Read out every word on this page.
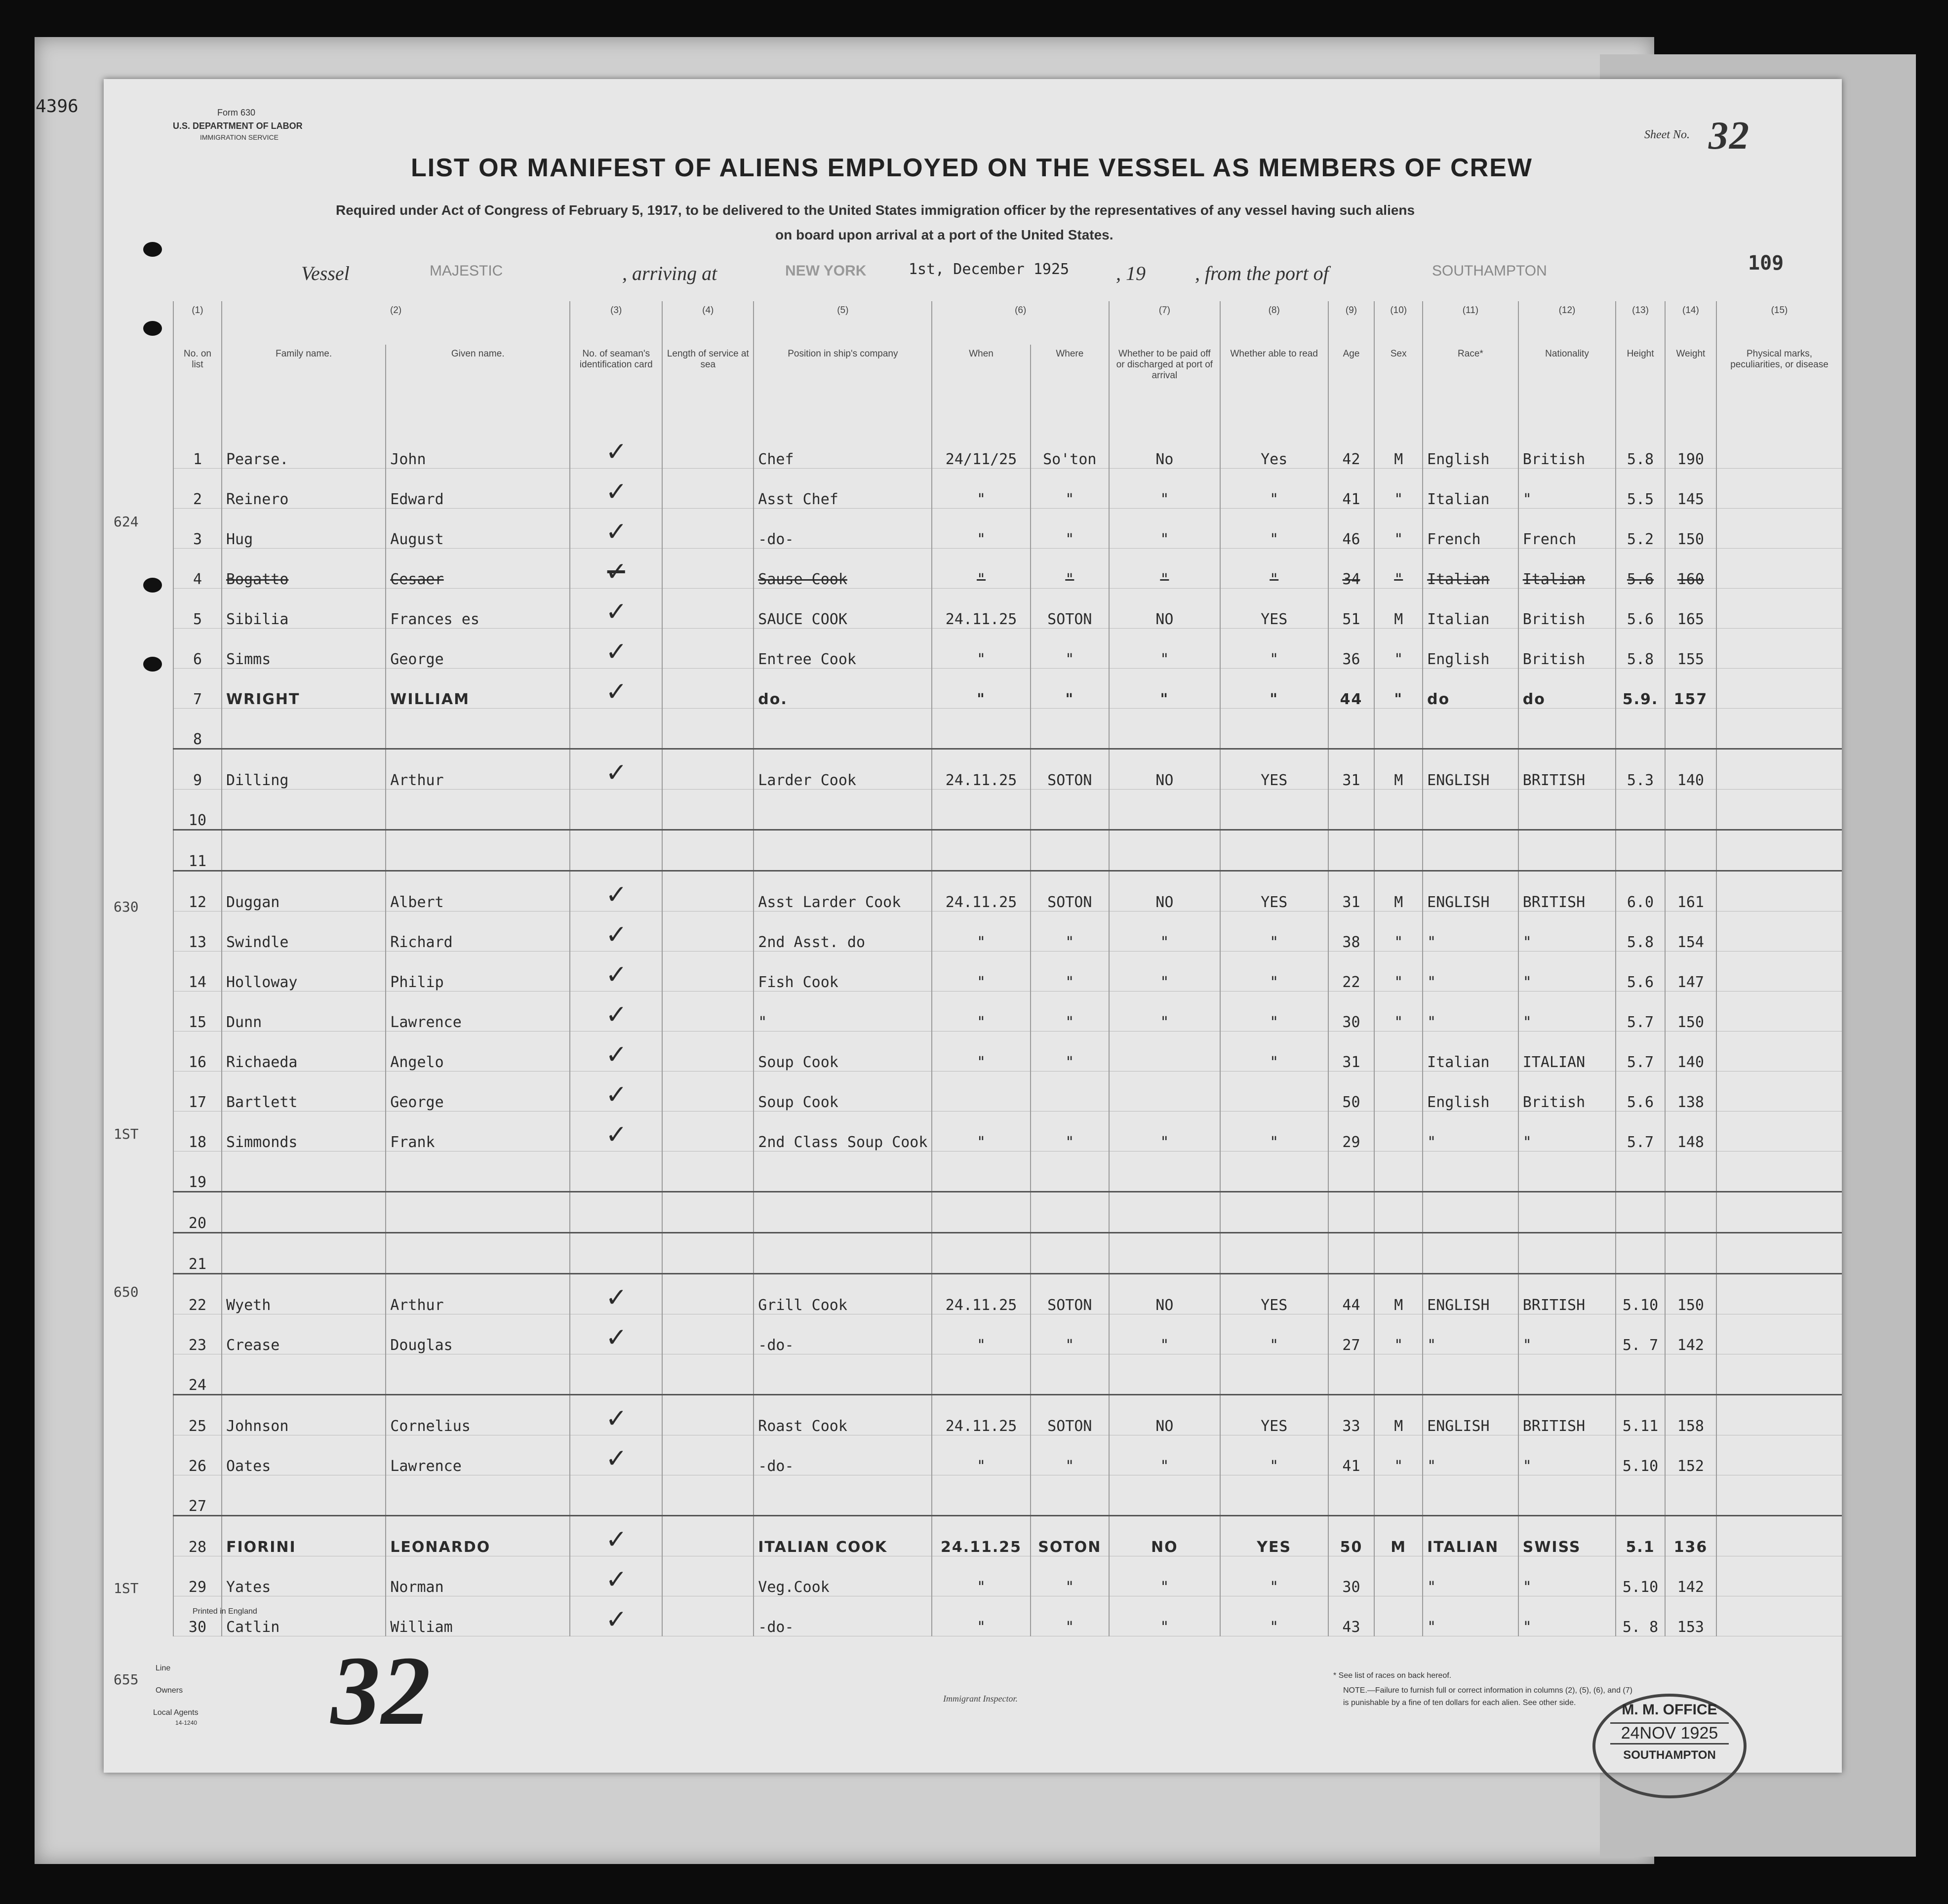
4396	Form 630
U.S. DEPARTMENT OF LABOR
IMMIGRATION SERVICE	Sheet No. 32
LIST OR MANIFEST OF ALIENS EMPLOYED ON THE VESSEL AS MEMBERS OF CREW
Required under Act of Congress of February 5, 1917, to be delivered to the United States immigration officer by the representatives of any vessel having such aliens
on board upon arrival at a port of the United States.
109
Vessel	MAJESTIC	, arriving at	NEW YORK	1st, December 1925 , 19	, from the port of	SOUTHAMPTON
(1)	(2)		(3)	(4)	(5)	(6)		(7)	(8)	(9)	(10)	(11)	(12)	(13)	(14)	(15)
No. on list	Family name.	Given name.	No. of seaman's identification card	Length of service at sea	Position in ship's company	When	Where	Whether to be paid off or discharged at port of arrival	Whether able to read	Age	Sex	Race*	Nationality	Height	Weight	Physical marks, peculiarities, or disease
1	Pearse.	John	✓		Chef	24/11/25	So'ton	No	Yes	42	M	English	British	5.8	190	
2	Reinero	Edward	✓		Asst Chef	"	"	"	"	41	"	Italian	"	5.5	145	
3	Hug	August	✓		-do-	"	"	"	"	46	"	French	French	5.2	150	
4	Bogatto	Cesaer	✓		Sause Cook	"	"	"	"	34	"	Italian	Italian	5.6	160	
5	Sibilia	Frances es	✓		SAUCE COOK	24.11.25	SOTON	NO	YES	51	M	Italian	British	5.6	165	
6	Simms	George	✓		Entree Cook	"	"	"	"	36	"	English	British	5.8	155	
7	WRIGHT	WILLIAM	✓		do.	"	"	"	"	44	"	do	do	5.9.	157	
8																
9	Dilling	Arthur	✓		Larder Cook	24.11.25	SOTON	NO	YES	31	M	ENGLISH	BRITISH	5.3	140	
10																
11																
12	Duggan	Albert	✓		Asst Larder Cook	24.11.25	SOTON	NO	YES	31	M	ENGLISH	BRITISH	6.0	161	
13	Swindle	Richard	✓		2nd Asst. do	"	"	"	"	38	"	"	"	5.8	154	
14	Holloway	Philip	✓		Fish Cook	"	"	"	"	22	"	"	"	5.6	147	
15	Dunn	Lawrence	✓		"	"	"	"	"	30	"	"	"	5.7	150	
16	Richaeda	Angelo	✓		Soup Cook	"	"		"	31		Italian	ITALIAN	5.7	140	
17	Bartlett	George	✓		Soup Cook					50		English	British	5.6	138	
18	Simmonds	Frank	✓		2nd Class Soup Cook	"	"	"	"	29		"	"	5.7	148	
19																
20																
21																
22	Wyeth	Arthur	✓		Grill Cook	24.11.25	SOTON	NO	YES	44	M	ENGLISH	BRITISH	5.10	150	
23	Crease	Douglas	✓		-do-	"	"	"	"	27	"	"	"	5. 7	142	
24																
25	Johnson	Cornelius	✓		Roast Cook	24.11.25	SOTON	NO	YES	33	M	ENGLISH	BRITISH	5.11	158	
26	Oates	Lawrence	✓		-do-	"	"	"	"	41	"	"	"	5.10	152	
27																
28	FIORINI	LEONARDO	✓		ITALIAN COOK	24.11.25	SOTON	NO	YES	50	M	ITALIAN	SWISS	5.1	136	
29	Yates	Norman	✓		Veg.Cook	"	"	"	"	30		"	"	5.10	142	
30	Catlin	William	✓		-do-	"	"	"	"	43		"	"	5. 8	153	
32
Printed in England
Line
Owners
Local Agents
14-1240
Immigrant Inspector.
* See list of races on back hereof.
NOTE.—Failure to furnish full or correct information in columns (2), (5), (6), and (7)
is punishable by a fine of ten dollars for each alien. See other side.	M. M. OFFICE
24NOV 1925
SOUTHAMPTON
624
630
1ST
650
1ST
655
